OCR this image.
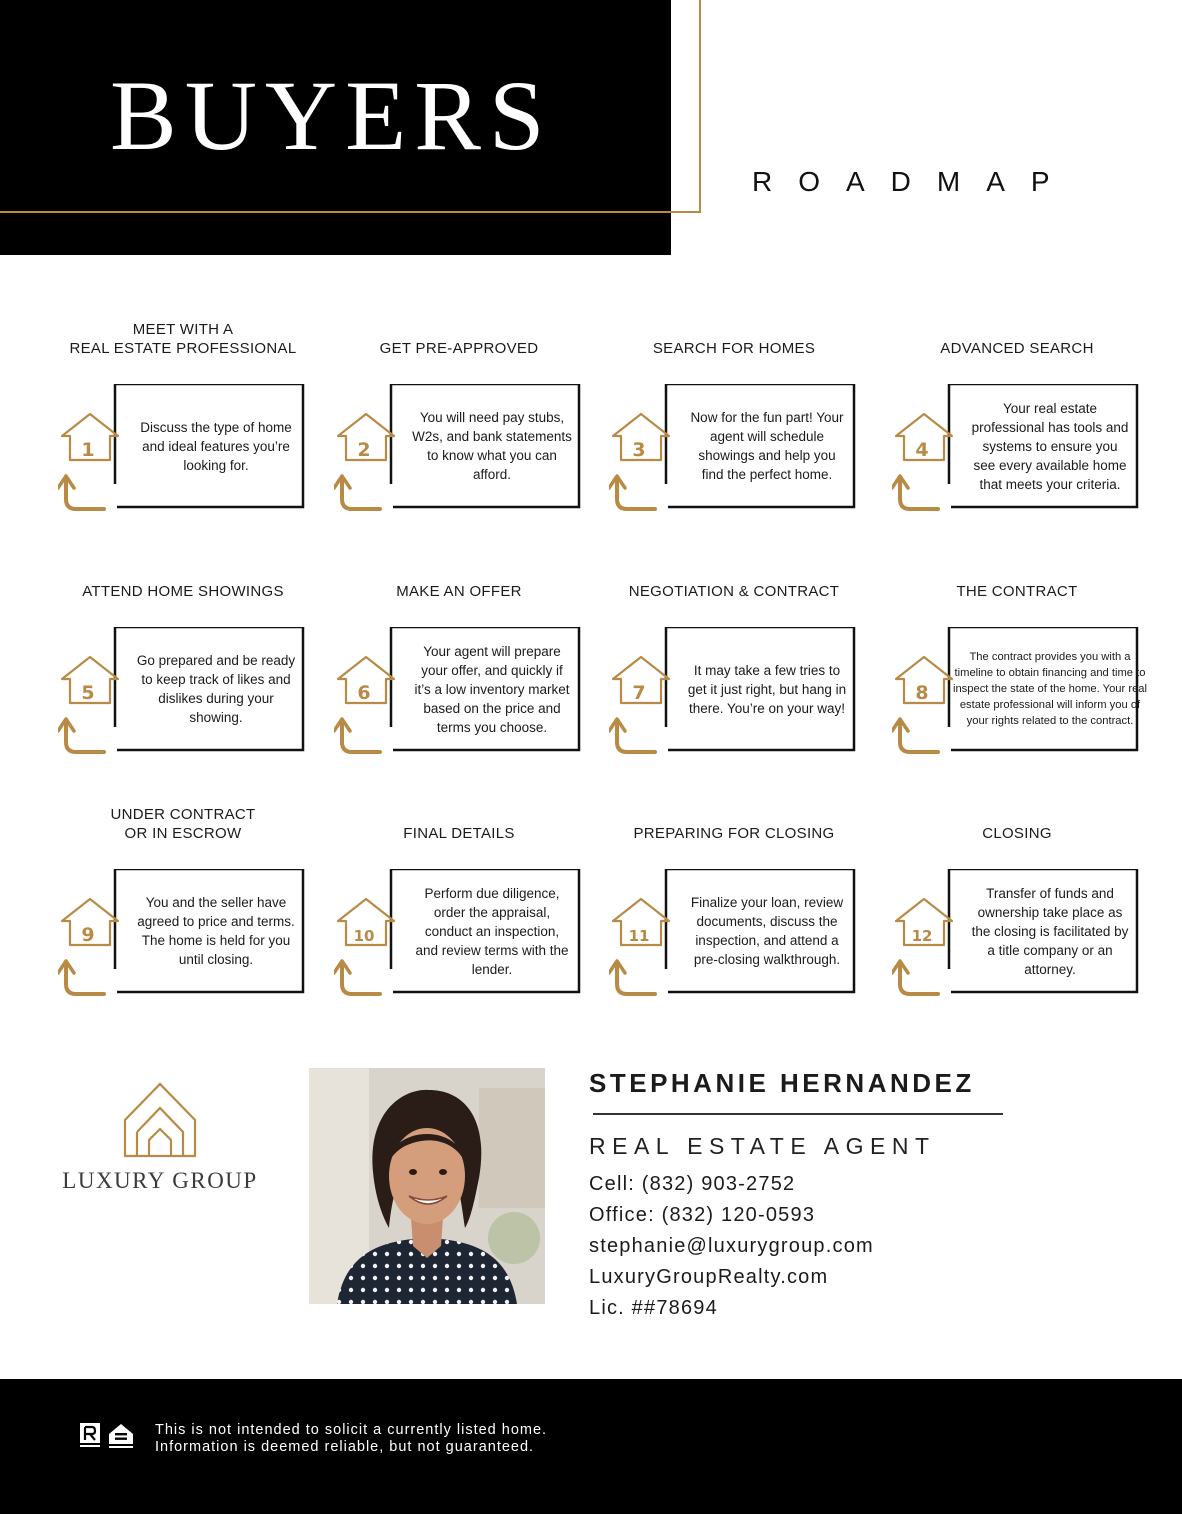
BUYERS
ROADMAP

1
MEET WITH A
REAL ESTATE PROFESSIONAL
Discuss the type of home and ideal features you’re looking for.

2
GET PRE-APPROVED
You will need pay stubs, W2s, and bank statements to know what you can afford.

3
SEARCH FOR HOMES
Now for the fun part! Your agent will schedule showings and help you find the perfect home.

4
ADVANCED SEARCH
Your real estate professional has tools and systems to ensure you see every available home that meets your criteria.

5
ATTEND HOME SHOWINGS
Go prepared and be ready to keep track of likes and dislikes during your showing.

6
MAKE AN OFFER
Your agent will prepare your offer, and quickly if it’s a low inventory market based on the price and terms you choose.

7
NEGOTIATION & CONTRACT
It may take a few tries to get it just right, but hang in there. You’re on your way!

8
THE CONTRACT
The contract provides you with a timeline to obtain financing and time to inspect the state of the home. Your real estate professional will inform you of your rights related to the contract.

9
UNDER CONTRACT
OR IN ESCROW
You and the seller have agreed to price and terms. The home is held for you until closing.

10
FINAL DETAILS
Perform due diligence, order the appraisal, conduct an inspection, and review terms with the lender.

11
PREPARING FOR CLOSING
Finalize your loan, review documents, discuss the inspection, and attend a pre-closing walkthrough.

12
CLOSING
Transfer of funds and ownership take place as the closing is facilitated by a title company or an attorney.
LUXURY GROUP
STEPHANIE HERNANDEZ
REAL ESTATE AGENT
Cell: (832) 903-2752
Office: (832) 120-0593
stephanie@luxurygroup.com
LuxuryGroupRealty.com
Lic. ##78694
This is not intended to solicit a currently listed home.
Information is deemed reliable, but not guaranteed.
